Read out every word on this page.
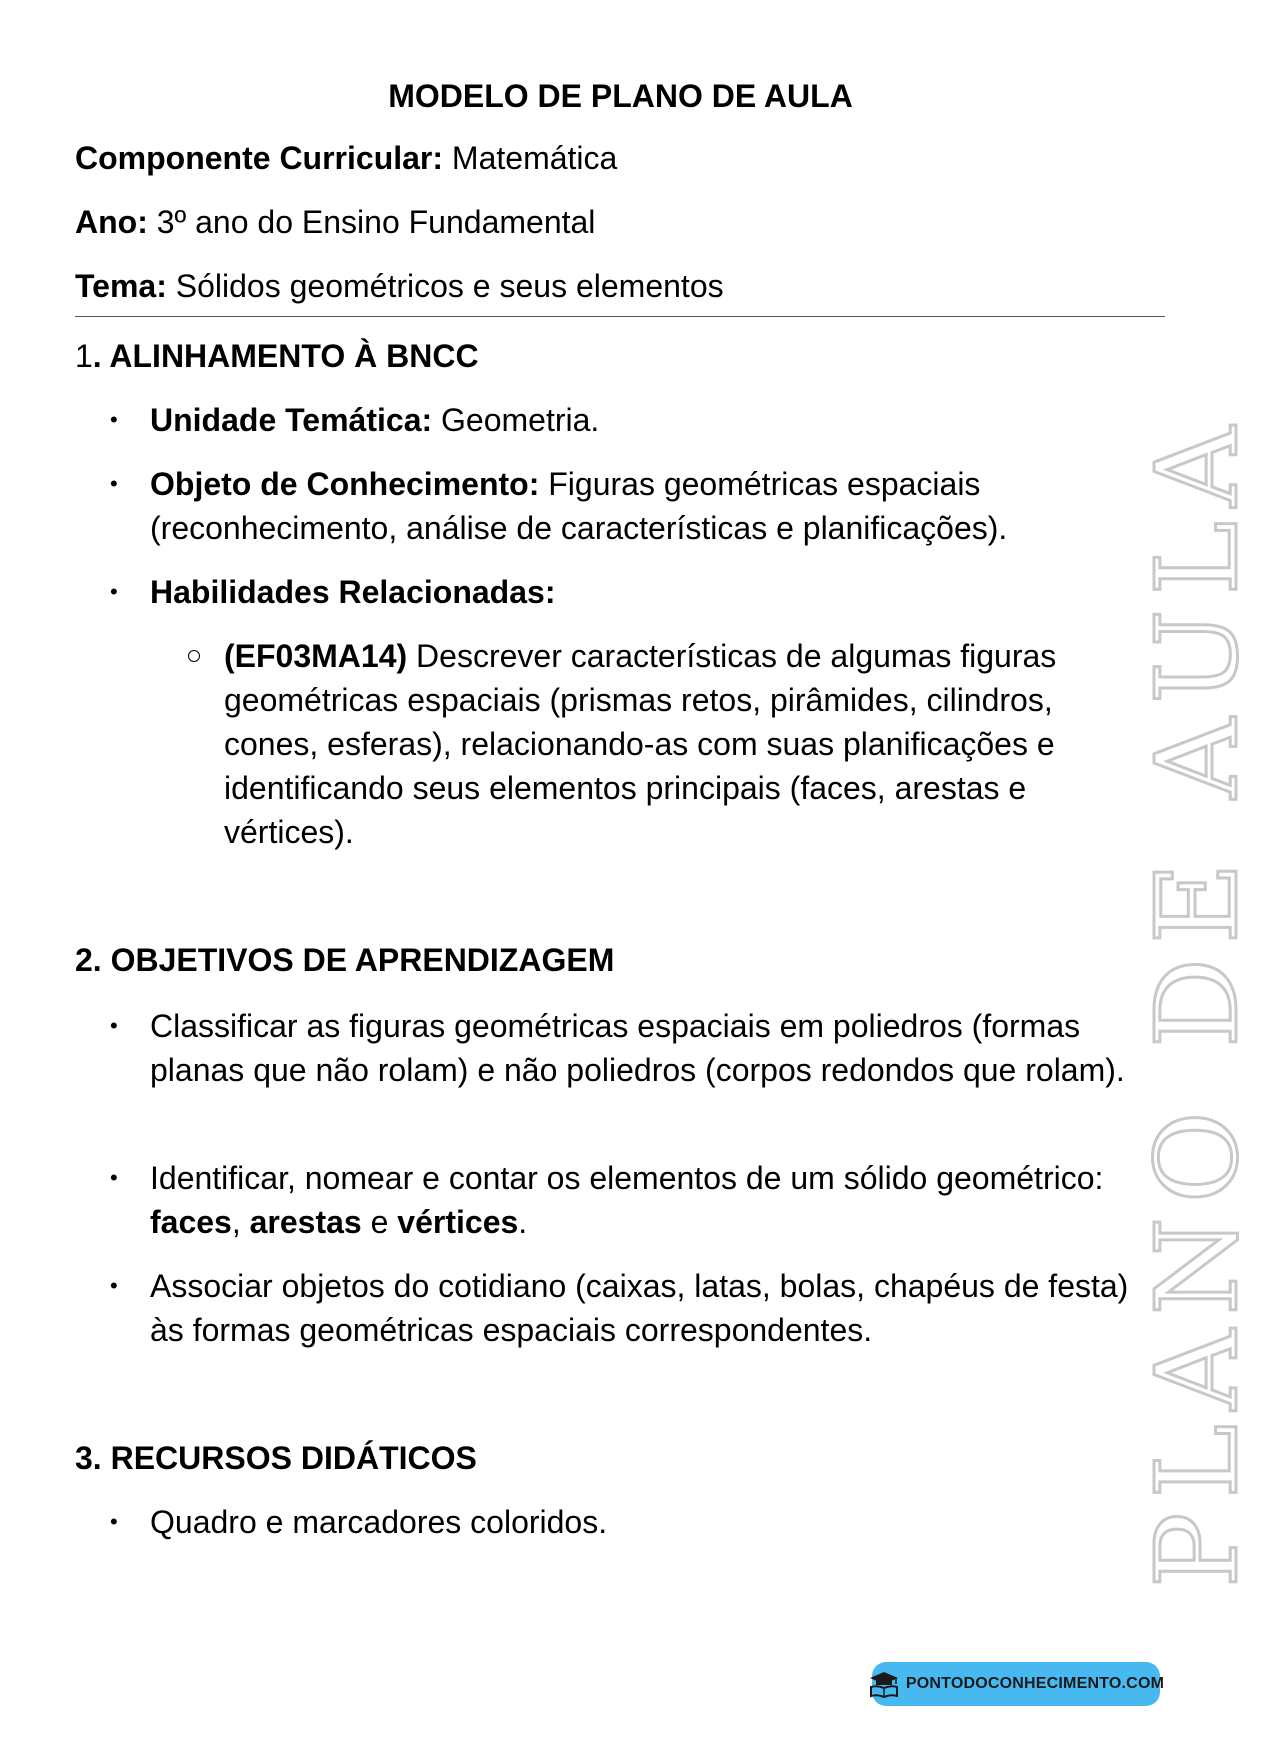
MODELO DE PLANO DE AULA
Componente Curricular: Matemática
Ano: 3º ano do Ensino Fundamental
Tema: Sólidos geométricos e seus elementos
1. ALINHAMENTO À BNCC
•	Unidade Temática: Geometria.
•	Objeto de Conhecimento: Figuras geométricas espaciais (reconhecimento, análise de características e planificações).
•	Habilidades Relacionadas:
(EF03MA14) Descrever características de algumas figuras geométricas espaciais (prismas retos, pirâmides, cilindros, cones, esferas), relacionando-as com suas planificações e identificando seus elementos principais (faces, arestas e vértices).
2. OBJETIVOS DE APRENDIZAGEM
•	Classificar as figuras geométricas espaciais em poliedros (formas planas que não rolam) e não poliedros (corpos redondos que rolam).
•	Identificar, nomear e contar os elementos de um sólido geométrico: faces, arestas e vértices.
•	Associar objetos do cotidiano (caixas, latas, bolas, chapéus de festa) às formas geométricas espaciais correspondentes.
3. RECURSOS DIDÁTICOS
•	Quadro e marcadores coloridos.	PLANO DE AULA
PONTODOCONHECIMENTO.COM
